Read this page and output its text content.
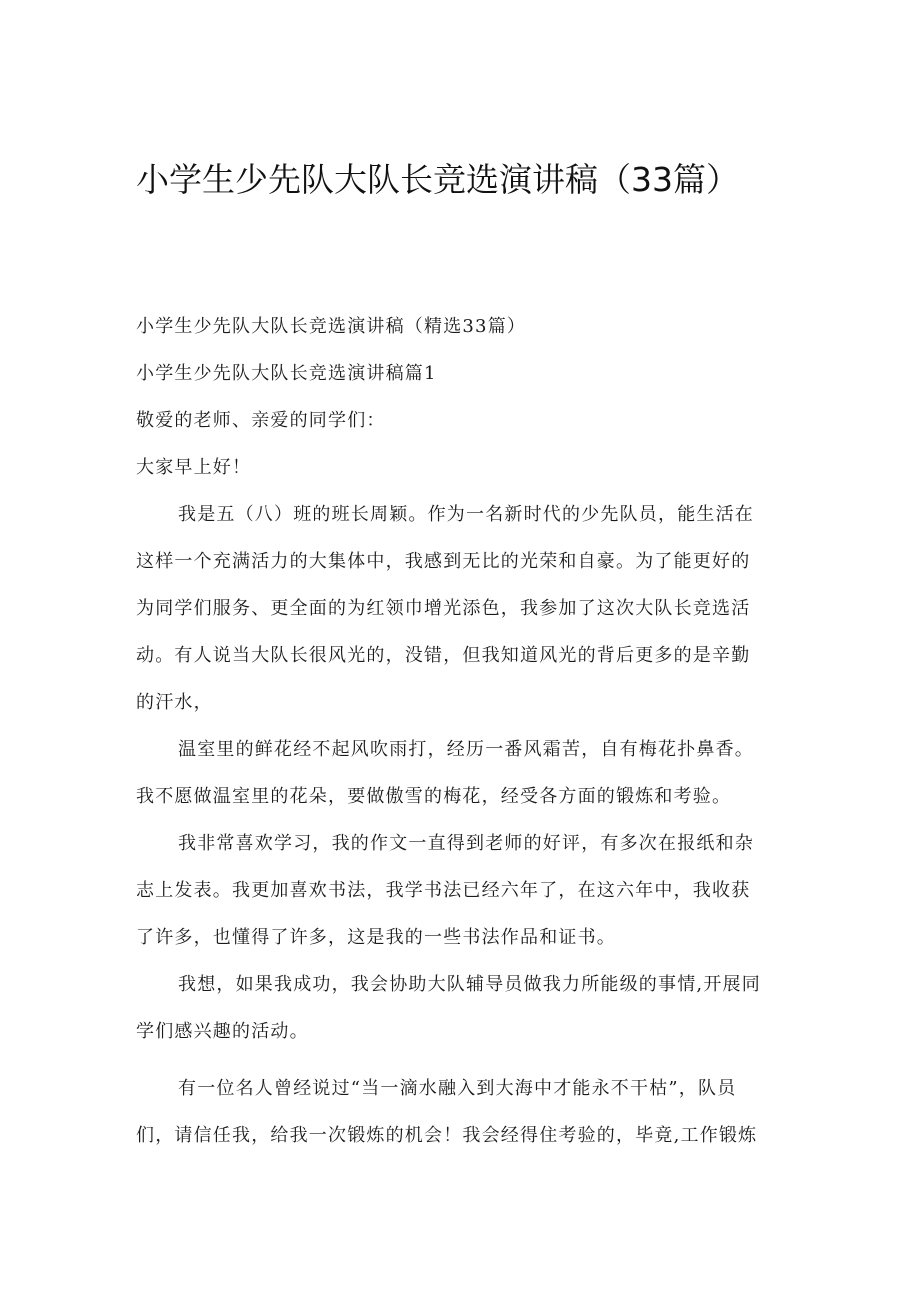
小学生少先队大队长竞选演讲稿（33篇）

小学生少先队大队长竞选演讲稿（精选33篇）

小学生少先队大队长竞选演讲稿篇1

敬爱的老师、亲爱的同学们：

大家早上好！

我是五（八）班的班长周颖。作为一名新时代的少先队员，能生活在
这样一个充满活力的大集体中，我感到无比的光荣和自豪。为了能更好的
为同学们服务、更全面的为红领巾增光添色，我参加了这次大队长竞选活
动。有人说当大队长很风光的，没错，但我知道风光的背后更多的是辛勤
的汗水，

温室里的鲜花经不起风吹雨打，经历一番风霜苦，自有梅花扑鼻香。
我不愿做温室里的花朵，要做傲雪的梅花，经受各方面的锻炼和考验。

我非常喜欢学习，我的作文一直得到老师的好评，有多次在报纸和杂
志上发表。我更加喜欢书法，我学书法已经六年了，在这六年中，我收获
了许多，也懂得了许多，这是我的一些书法作品和证书。

我想，如果我成功，我会协助大队辅导员做我力所能级的事情,开展同
学们感兴趣的活动。

有一位名人曾经说过“当一滴水融入到大海中才能永不干枯”，队员
们，请信任我，给我一次锻炼的机会！我会经得住考验的，毕竟,工作锻炼
